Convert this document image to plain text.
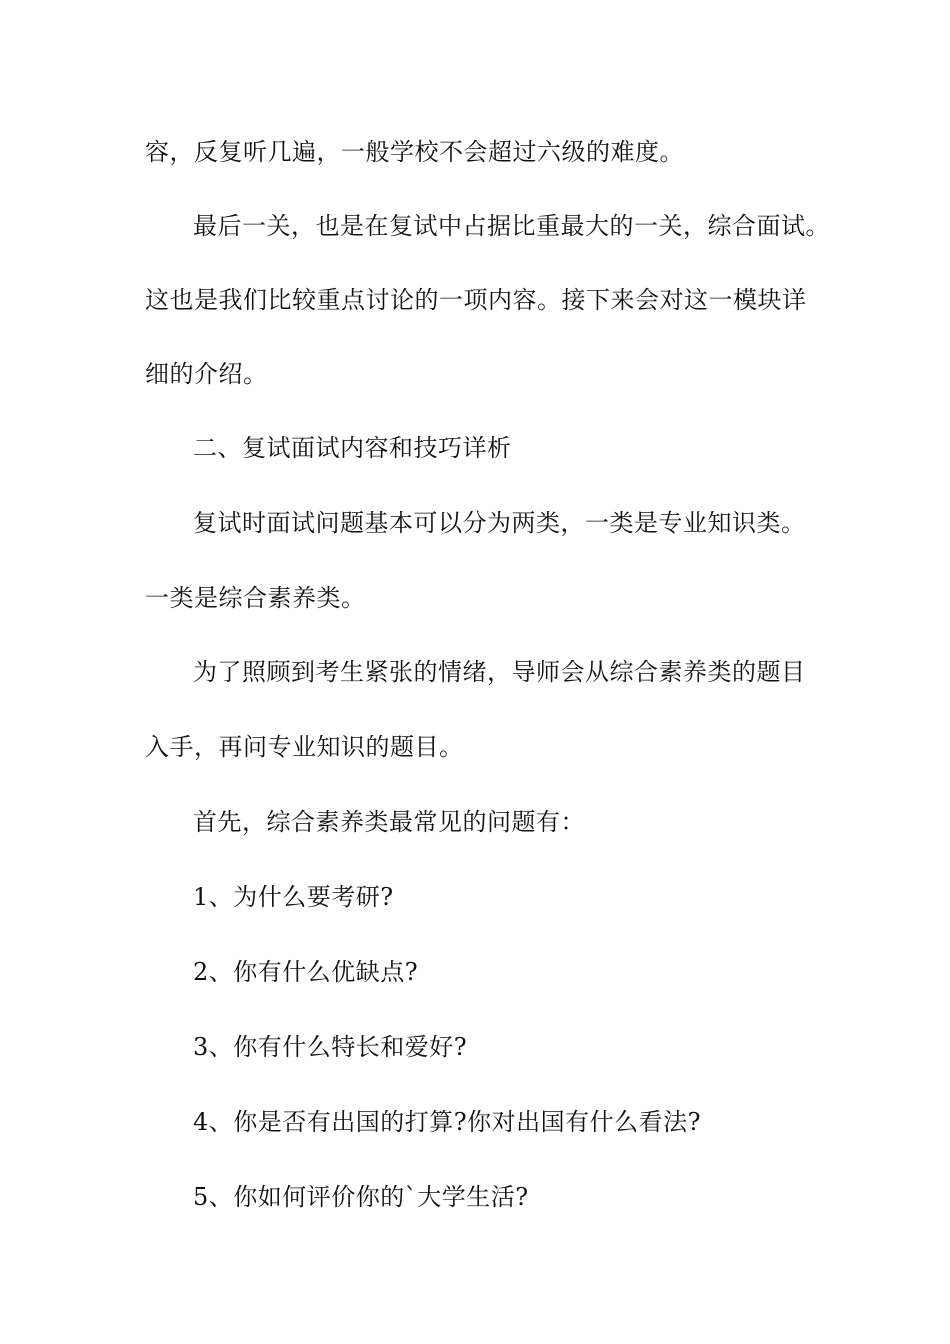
容，反复听几遍，一般学校不会超过六级的难度。
最后一关，也是在复试中占据比重最大的一关，综合面试。
这也是我们比较重点讨论的一项内容。接下来会对这一模块详
细的介绍。
二、复试面试内容和技巧详析
复试时面试问题基本可以分为两类，一类是专业知识类。
一类是综合素养类。
为了照顾到考生紧张的情绪，导师会从综合素养类的题目
入手，再问专业知识的题目。
首先，综合素养类最常见的问题有：
1、为什么要考研?
2、你有什么优缺点?
3、你有什么特长和爱好?
4、你是否有出国的打算?你对出国有什么看法?
5、你如何评价你的`大学生活?
